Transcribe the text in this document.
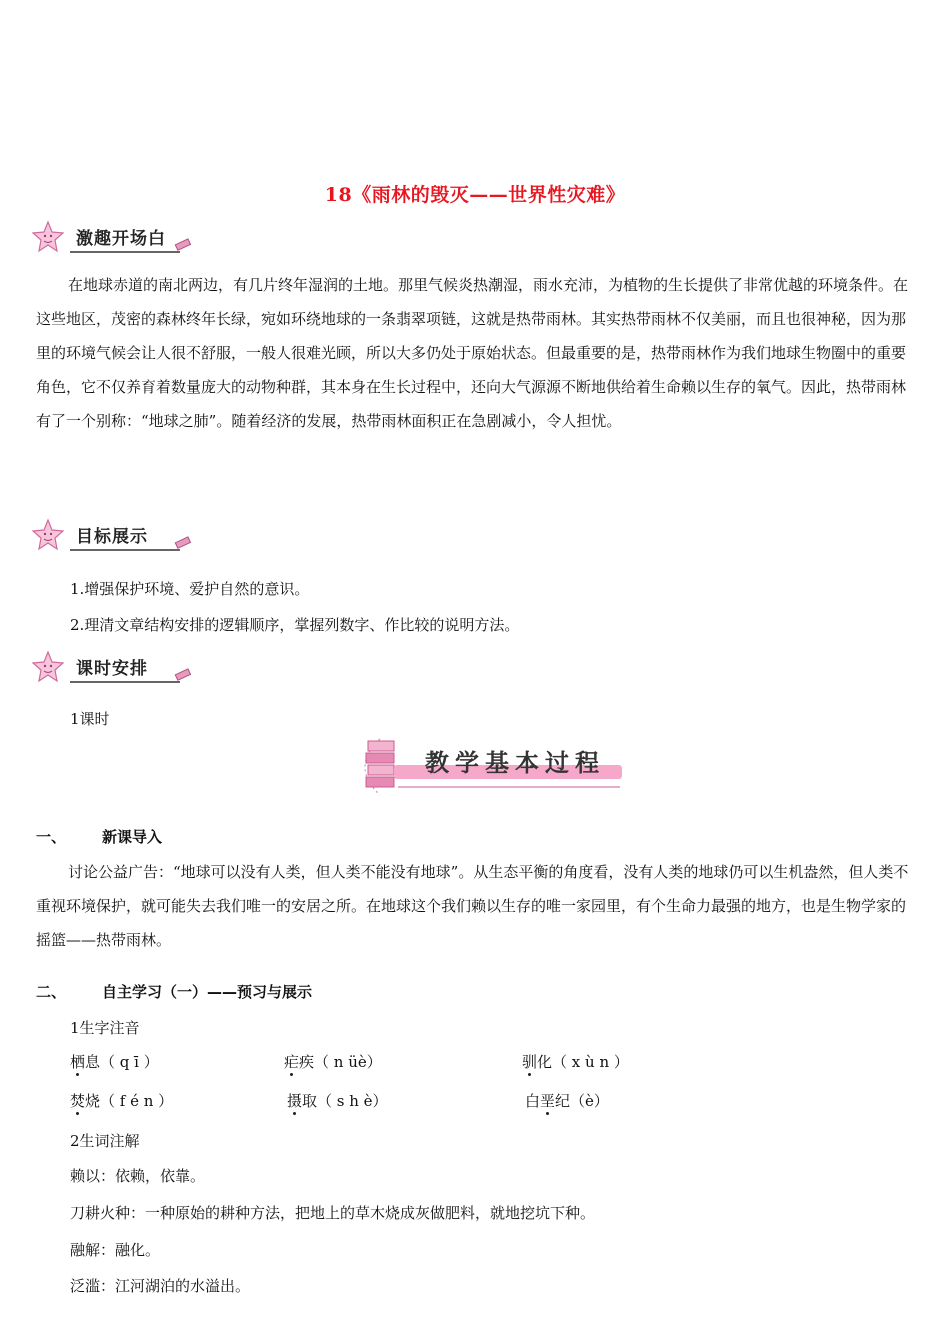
18《雨林的毁灭——世界性灾难》
激趣开场白
在地球赤道的南北两边，有几片终年湿润的土地。那里气候炎热潮湿，雨水充沛，为植物的生长提供了非常优越的环境条件。在这些地区，茂密的森林终年长绿，宛如环绕地球的一条翡翠项链，这就是热带雨林。其实热带雨林不仅美丽，而且也很神秘，因为那里的环境气候会让人很不舒服，一般人很难光顾，所以大多仍处于原始状态。但最重要的是，热带雨林作为我们地球生物圈中的重要角色，它不仅养育着数量庞大的动物种群，其本身在生长过程中，还向大气源源不断地供给着生命赖以生存的氧气。因此，热带雨林有了一个别称：“地球之肺”。随着经济的发展，热带雨林面积正在急剧减小，令人担忧。
目标展示
1.增强保护环境、爱护自然的意识。
2.理清文章结构安排的逻辑顺序，掌握列数字、作比较的说明方法。
课时安排
1课时
教学基本过程
一、 新课导入
讨论公益广告：“地球可以没有人类，但人类不能没有地球”。从生态平衡的角度看，没有人类的地球仍可以生机盎然，但人类不重视环境保护，就可能失去我们唯一的安居之所。在地球这个我们赖以生存的唯一家园里，有个生命力最强的地方，也是生物学家的摇篮——热带雨林。
二、 自主学习（一）——预习与展示
1生字注音
栖息（ q ī ）	疟疾（ n üè）	驯化（ x ù n ）
焚烧（ f é n ）	摄取（ s h è）	白垩纪（è）
2生词注解
赖以：依赖，依靠。
刀耕火种：一种原始的耕种方法，把地上的草木烧成灰做肥料，就地挖坑下种。
融解：融化。
泛滥：江河湖泊的水溢出。
